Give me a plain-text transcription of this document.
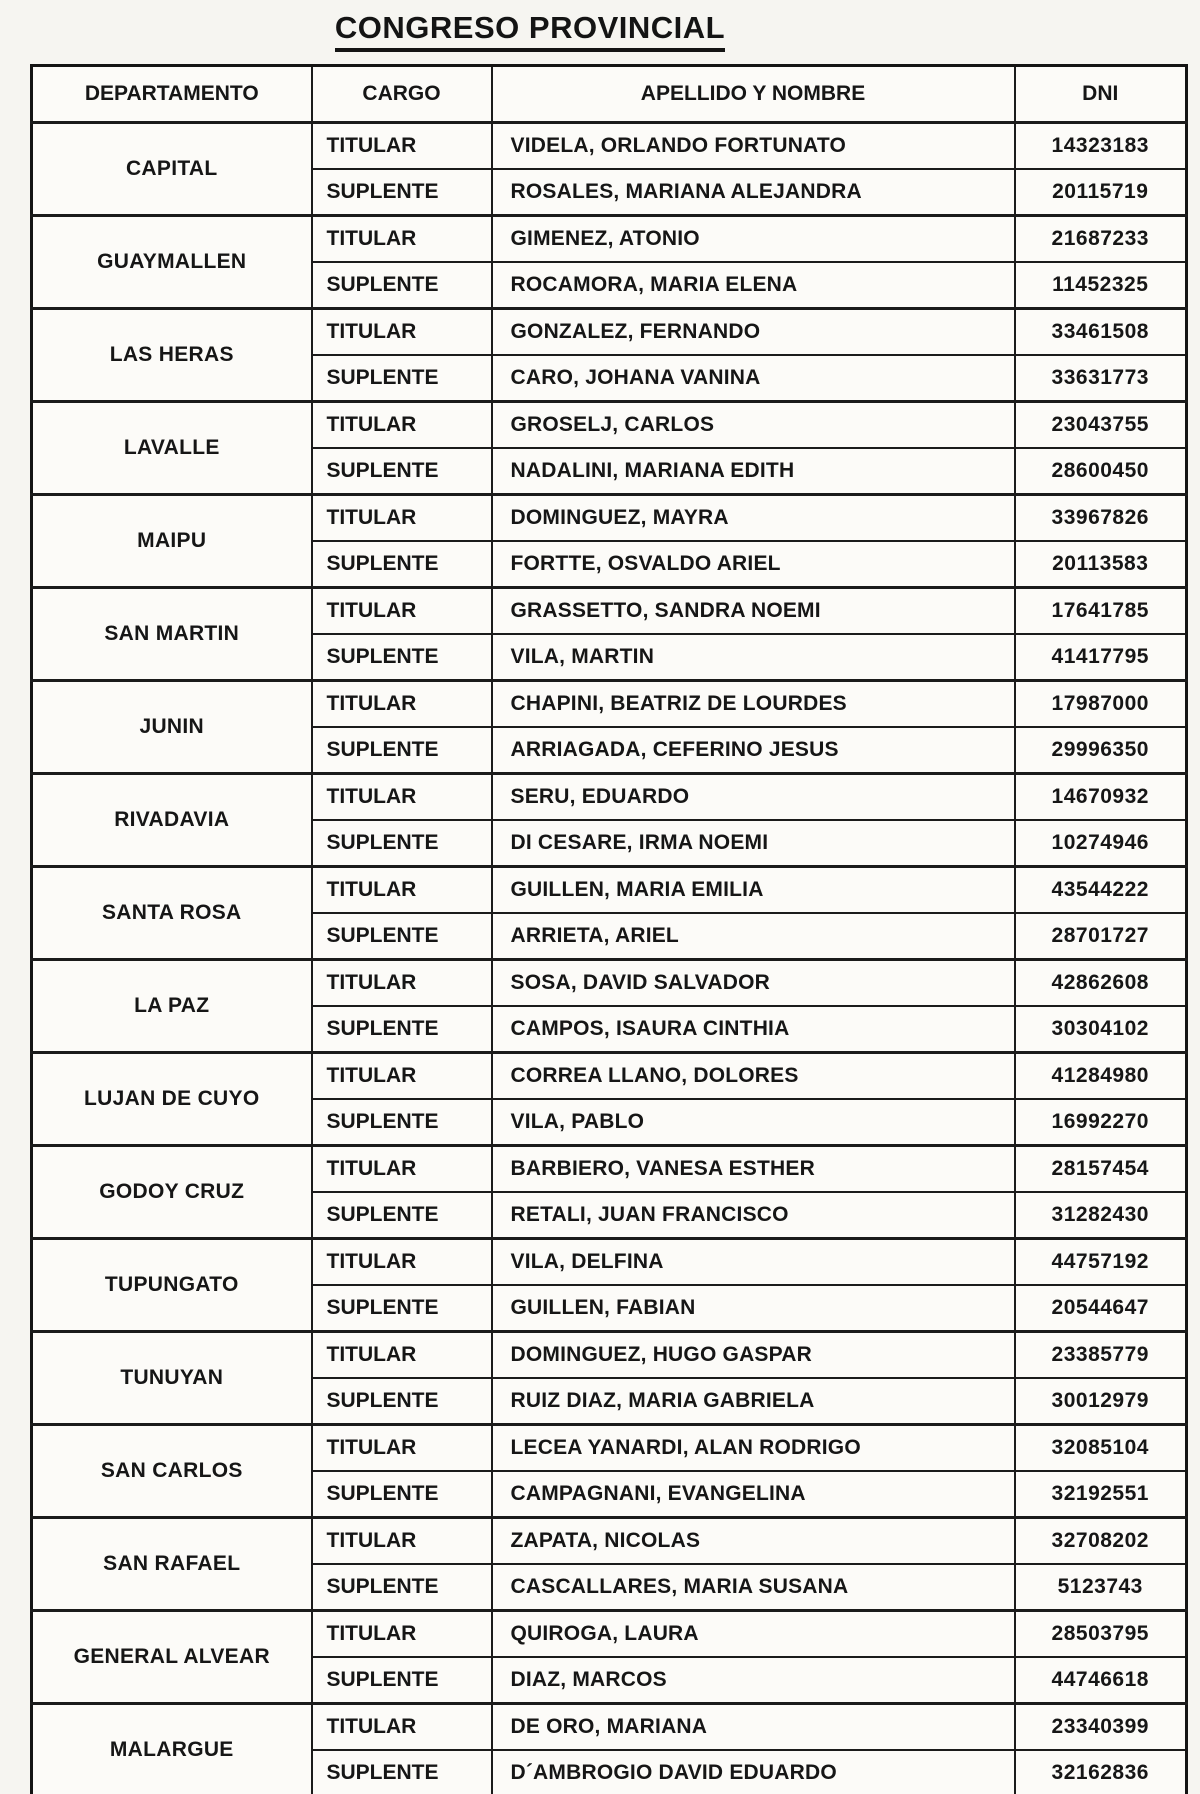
CONGRESO PROVINCIAL
DEPARTAMENTO	CARGO	APELLIDO Y NOMBRE	DNI
CAPITAL	TITULAR	VIDELA, ORLANDO FORTUNATO	14323183
	SUPLENTE	ROSALES, MARIANA ALEJANDRA	20115719
GUAYMALLEN	TITULAR	GIMENEZ, ATONIO	21687233
	SUPLENTE	ROCAMORA, MARIA ELENA	11452325
LAS HERAS	TITULAR	GONZALEZ, FERNANDO	33461508
	SUPLENTE	CARO, JOHANA VANINA	33631773
LAVALLE	TITULAR	GROSELJ, CARLOS	23043755
	SUPLENTE	NADALINI, MARIANA EDITH	28600450
MAIPU	TITULAR	DOMINGUEZ, MAYRA	33967826
	SUPLENTE	FORTTE, OSVALDO ARIEL	20113583
SAN MARTIN	TITULAR	GRASSETTO, SANDRA NOEMI	17641785
	SUPLENTE	VILA, MARTIN	41417795
JUNIN	TITULAR	CHAPINI, BEATRIZ DE LOURDES	17987000
	SUPLENTE	ARRIAGADA, CEFERINO JESUS	29996350
RIVADAVIA	TITULAR	SERU, EDUARDO	14670932
	SUPLENTE	DI CESARE, IRMA NOEMI	10274946
SANTA ROSA	TITULAR	GUILLEN, MARIA EMILIA	43544222
	SUPLENTE	ARRIETA, ARIEL	28701727
LA PAZ	TITULAR	SOSA, DAVID SALVADOR	42862608
	SUPLENTE	CAMPOS, ISAURA CINTHIA	30304102
LUJAN DE CUYO	TITULAR	CORREA LLANO, DOLORES	41284980
	SUPLENTE	VILA, PABLO	16992270
GODOY CRUZ	TITULAR	BARBIERO, VANESA ESTHER	28157454
	SUPLENTE	RETALI, JUAN FRANCISCO	31282430
TUPUNGATO	TITULAR	VILA, DELFINA	44757192
	SUPLENTE	GUILLEN, FABIAN	20544647
TUNUYAN	TITULAR	DOMINGUEZ, HUGO GASPAR	23385779
	SUPLENTE	RUIZ DIAZ, MARIA GABRIELA	30012979
SAN CARLOS	TITULAR	LECEA YANARDI, ALAN RODRIGO	32085104
	SUPLENTE	CAMPAGNANI, EVANGELINA	32192551
SAN RAFAEL	TITULAR	ZAPATA, NICOLAS	32708202
	SUPLENTE	CASCALLARES, MARIA SUSANA	5123743
GENERAL ALVEAR	TITULAR	QUIROGA, LAURA	28503795
	SUPLENTE	DIAZ, MARCOS	44746618
MALARGUE	TITULAR	DE ORO, MARIANA	23340399
	SUPLENTE	D´AMBROGIO DAVID EDUARDO	32162836
